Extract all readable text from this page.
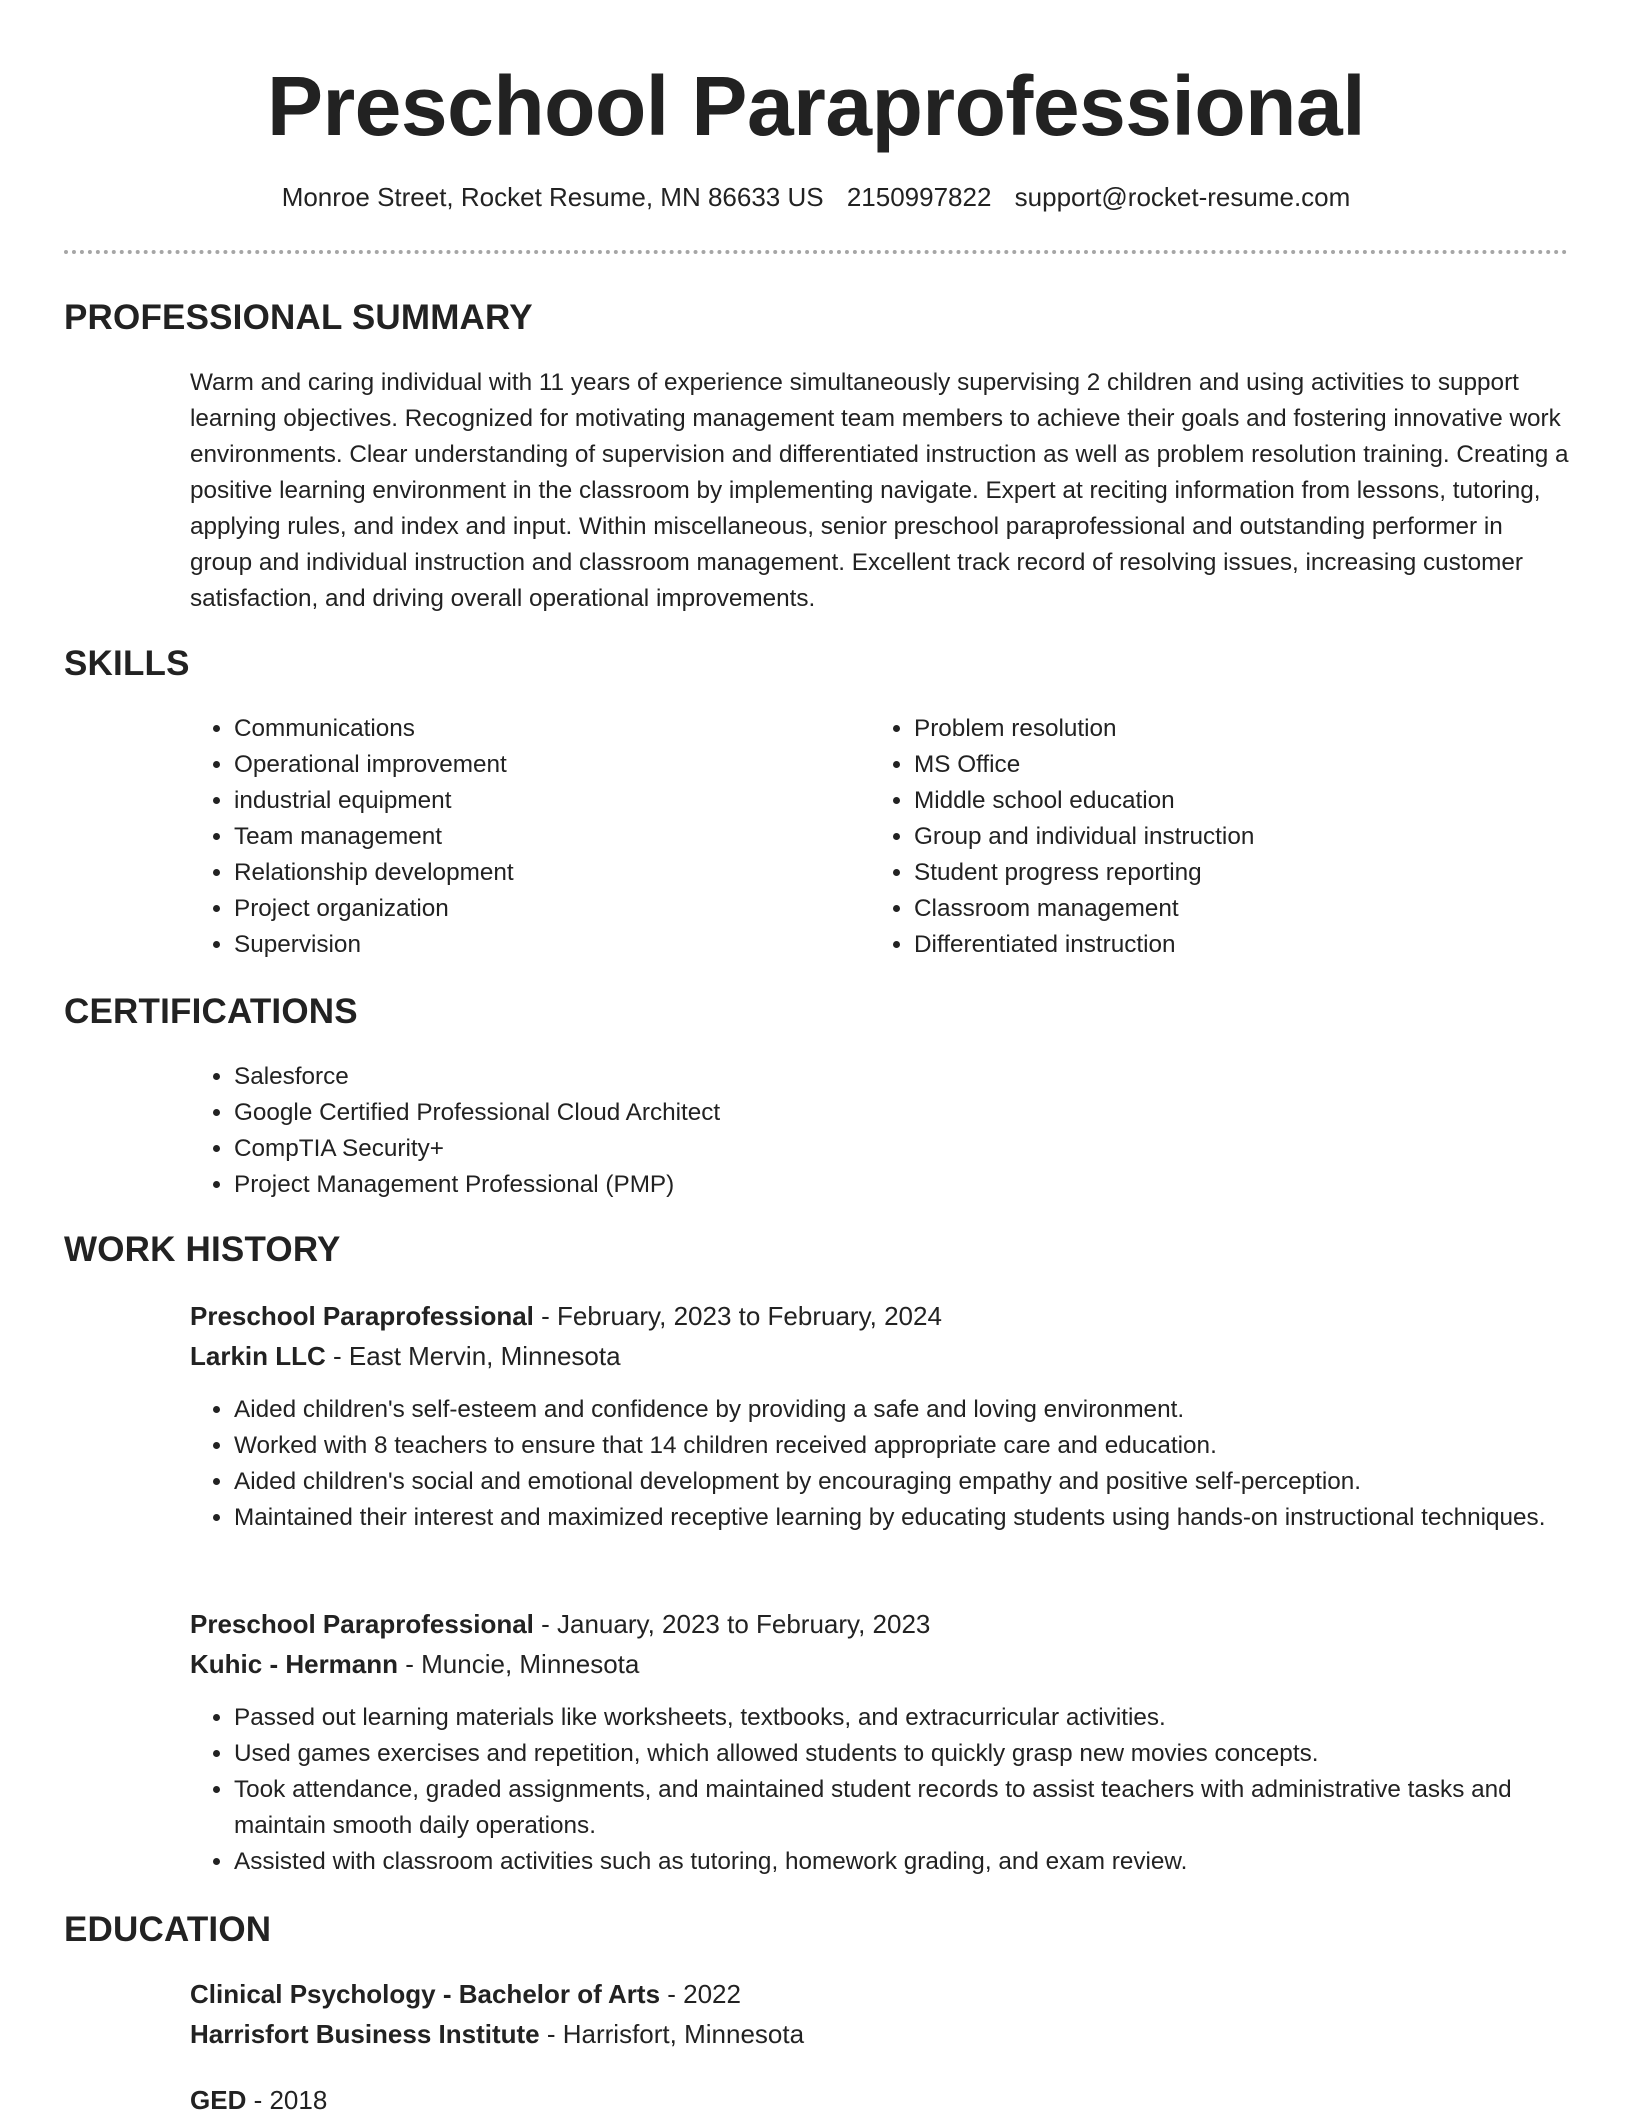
Preschool Paraprofessional
Monroe Street, Rocket Resume, MN 86633 US 2150997822 support@rocket-resume.com
PROFESSIONAL SUMMARY

Warm and caring individual with 11 years of experience simultaneously supervising 2 children and using activities to support learning objectives. Recognized for motivating management team members to achieve their goals and fostering innovative work environments. Clear understanding of supervision and differentiated instruction as well as problem resolution training. Creating a positive learning environment in the classroom by implementing navigate. Expert at reciting information from lessons, tutoring, applying rules, and index and input. Within miscellaneous, senior preschool paraprofessional and outstanding performer in group and individual instruction and classroom management. Excellent track record of resolving issues, increasing customer satisfaction, and driving overall operational improvements.

SKILLS
• Communications
• Operational improvement
• industrial equipment
• Team management
• Relationship development
• Project organization
• Supervision
• Problem resolution
• MS Office
• Middle school education
• Group and individual instruction
• Student progress reporting
• Classroom management
• Differentiated instruction
CERTIFICATIONS
• Salesforce
• Google Certified Professional Cloud Architect
• CompTIA Security+
• Project Management Professional (PMP)
WORK HISTORY
Preschool Paraprofessional - February, 2023 to February, 2024
Larkin LLC - East Mervin, Minnesota
• Aided children's self-esteem and confidence by providing a safe and loving environment.
• Worked with 8 teachers to ensure that 14 children received appropriate care and education.
• Aided children's social and emotional development by encouraging empathy and positive self-perception.
• Maintained their interest and maximized receptive learning by educating students using hands-on instructional techniques.
Preschool Paraprofessional - January, 2023 to February, 2023
Kuhic - Hermann - Muncie, Minnesota
• Passed out learning materials like worksheets, textbooks, and extracurricular activities.
• Used games exercises and repetition, which allowed students to quickly grasp new movies concepts.
• Took attendance, graded assignments, and maintained student records to assist teachers with administrative tasks and maintain smooth daily operations.
• Assisted with classroom activities such as tutoring, homework grading, and exam review.
EDUCATION
Clinical Psychology - Bachelor of Arts - 2022
Harrisfort Business Institute - Harrisfort, Minnesota
GED - 2018
